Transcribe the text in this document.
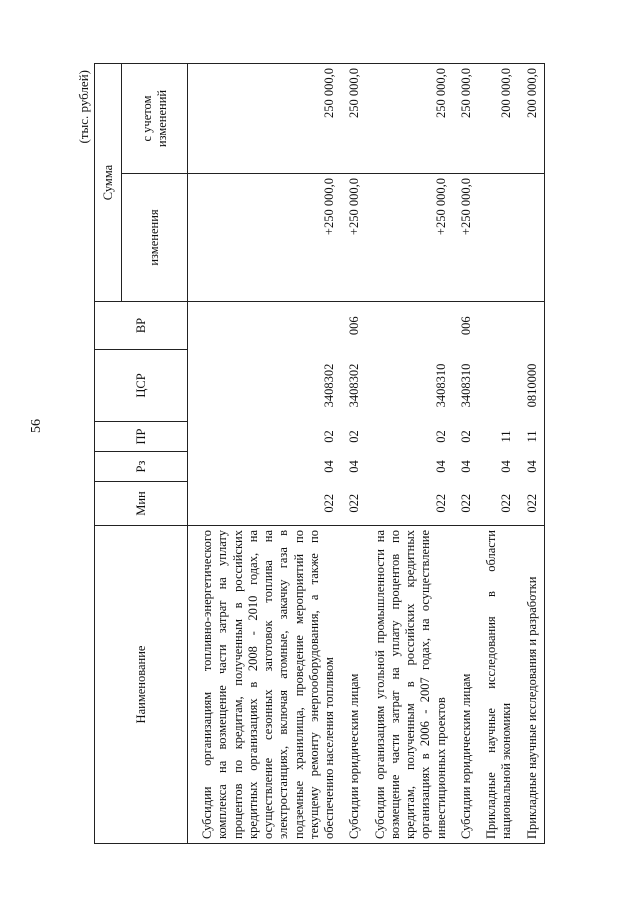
56
(тыс. рублей)
Наименование	Мин	Рз	ПР	ЦСР	ВР	Сумма	
						изменения	с учетом изменений

Субсидии организациям топливно-энергетического комплекса на возмещение части затрат на уплату процентов по кредитам, полученным в российских кредитных организациях в 2008 - 2010 годах, на осуществление сезонных заготовок топлива на электростанциях, включая атомные, закачку газа в подземные хранилища, проведение мероприятий по текущему ремонту энергооборудования, а также по обеспечению населения топливом	022	04	02	3408302		+250 000,0	250 000,0
Субсидии юридическим лицам	022	04	02	3408302	006	+250 000,0	250 000,0
Субсидии организациям угольной промышленности на возмещение части затрат на уплату процентов по кредитам, полученным в российских кредитных организациях в 2006 - 2007 годах, на осуществление инвестиционных проектов	022	04	02	3408310		+250 000,0	250 000,0
Субсидии юридическим лицам	022	04	02	3408310	006	+250 000,0	250 000,0
Прикладные научные исследования в области национальной экономики	022	04	11				200 000,0
Прикладные научные исследования и разработки	022	04	11	0810000			200 000,0
